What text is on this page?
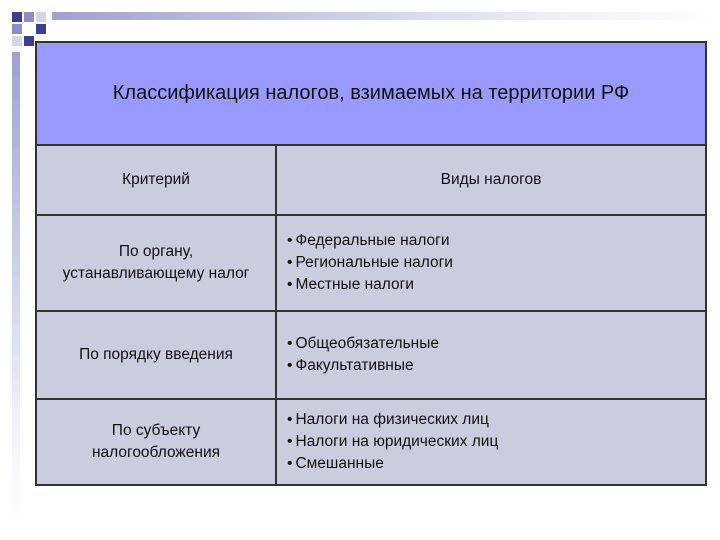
Классификация налогов, взимаемых на территории РФ
Критерий	Виды налогов
По органу,
устанавливающему налог
• Федеральные налоги
• Региональные налоги
• Местные налоги
По порядку введения
• Общеобязательные
• Факультативные
По субъекту
налогообложения
• Налоги на физических лиц
• Налоги на юридических лиц
• Смешанные
